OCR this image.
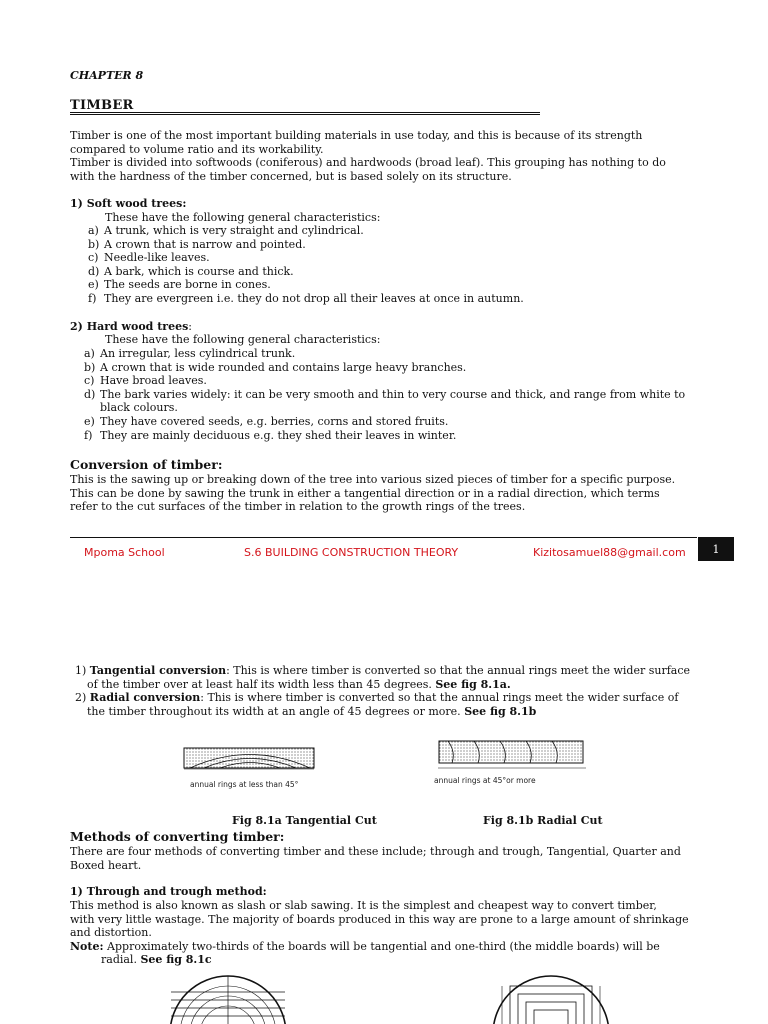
CHAPTER 8
TIMBER
Timber is one of the most important building materials in use today, and this is because of its strength
compared to volume ratio and its workability.
Timber is divided into softwoods (coniferous) and hardwoods (broad leaf). This grouping has nothing to do
with the hardness of the timber concerned, but is based solely on its structure.
1) Soft wood trees:
These have the following general characteristics:
a) A trunk, which is very straight and cylindrical.
b) A crown that is narrow and pointed.
c) Needle-like leaves.
d) A bark, which is course and thick.
e) The seeds are borne in cones.
f) They are evergreen i.e. they do not drop all their leaves at once in autumn.
2) Hard wood trees:
These have the following general characteristics:
a) An irregular, less cylindrical trunk.
b) A crown that is wide rounded and contains large heavy branches.
c) Have broad leaves.
d) The bark varies widely: it can be very smooth and thin to very course and thick, and range from white to
black colours.
e) They have covered seeds, e.g. berries, corns and stored fruits.
f) They are mainly deciduous e.g. they shed their leaves in winter.
Conversion of timber:
This is the sawing up or breaking down of the tree into various sized pieces of timber for a specific purpose.
This can be done by sawing the trunk in either a tangential direction or in a radial direction, which terms
refer to the cut surfaces of the timber in relation to the growth rings of the trees.
Mpoma School	S.6 BUILDING CONSTRUCTION THEORY	Kizitosamuel88@gmail.com	1
1) Tangential conversion: This is where timber is converted so that the annual rings meet the wider surface
of the timber over at least half its width less than 45 degrees. See fig 8.1a.
2) Radial conversion: This is where timber is converted so that the annual rings meet the wider surface of
the timber throughout its width at an angle of 45 degrees or more. See fig 8.1b
annual rings at less than 45°	annual rings at 45°or more
Fig 8.1a Tangential Cut	Fig 8.1b Radial Cut
Methods of converting timber:
There are four methods of converting timber and these include; through and trough, Tangential, Quarter and
Boxed heart.
1) Through and trough method:
This method is also known as slash or slab sawing. It is the simplest and cheapest way to convert timber,
with very little wastage. The majority of boards produced in this way are prone to a large amount of shrinkage
and distortion.
Note: Approximately two-thirds of the boards will be tangential and one-third (the middle boards) will be
radial. See fig 8.1c
